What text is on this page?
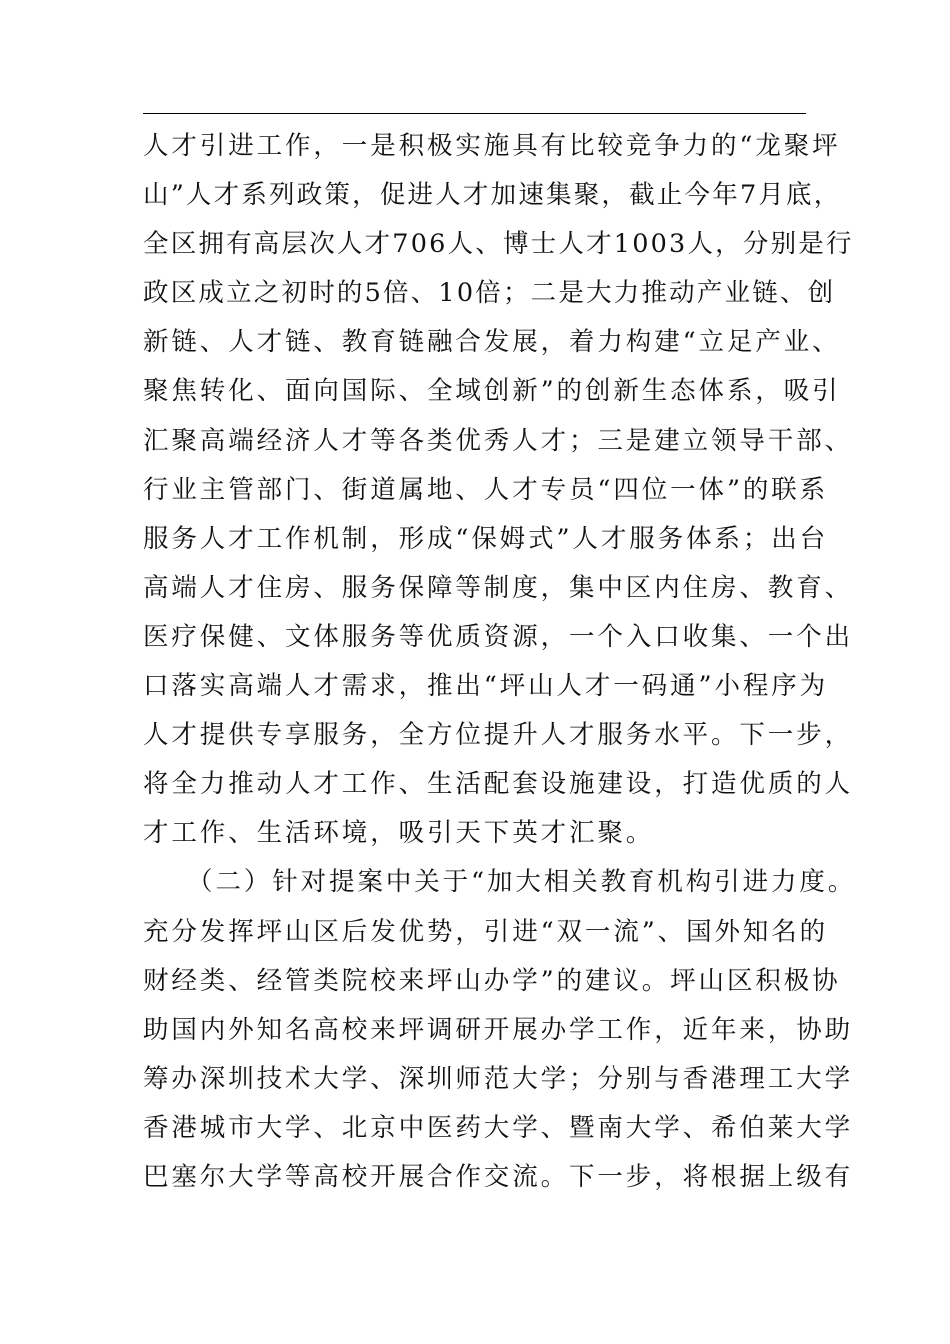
人才引进工作，一是积极实施具有比较竞争力的“龙聚坪
山”人才系列政策，促进人才加速集聚，截止今年7月底，
全区拥有高层次人才706人、博士人才1003人，分别是行
政区成立之初时的5倍、10倍；二是大力推动产业链、创
新链、人才链、教育链融合发展，着力构建“立足产业、
聚焦转化、面向国际、全域创新”的创新生态体系，吸引
汇聚高端经济人才等各类优秀人才；三是建立领导干部、
行业主管部门、街道属地、人才专员“四位一体”的联系
服务人才工作机制，形成“保姆式”人才服务体系；出台
高端人才住房、服务保障等制度，集中区内住房、教育、
医疗保健、文体服务等优质资源，一个入口收集、一个出
口落实高端人才需求，推出“坪山人才一码通”小程序为
人才提供专享服务，全方位提升人才服务水平。下一步，
将全力推动人才工作、生活配套设施建设，打造优质的人
才工作、生活环境，吸引天下英才汇聚。
　　（二）针对提案中关于“加大相关教育机构引进力度。
充分发挥坪山区后发优势，引进“双一流”、国外知名的
财经类、经管类院校来坪山办学”的建议。坪山区积极协
助国内外知名高校来坪调研开展办学工作，近年来，协助
筹办深圳技术大学、深圳师范大学；分别与香港理工大学
香港城市大学、北京中医药大学、暨南大学、希伯莱大学
巴塞尔大学等高校开展合作交流。下一步，将根据上级有
